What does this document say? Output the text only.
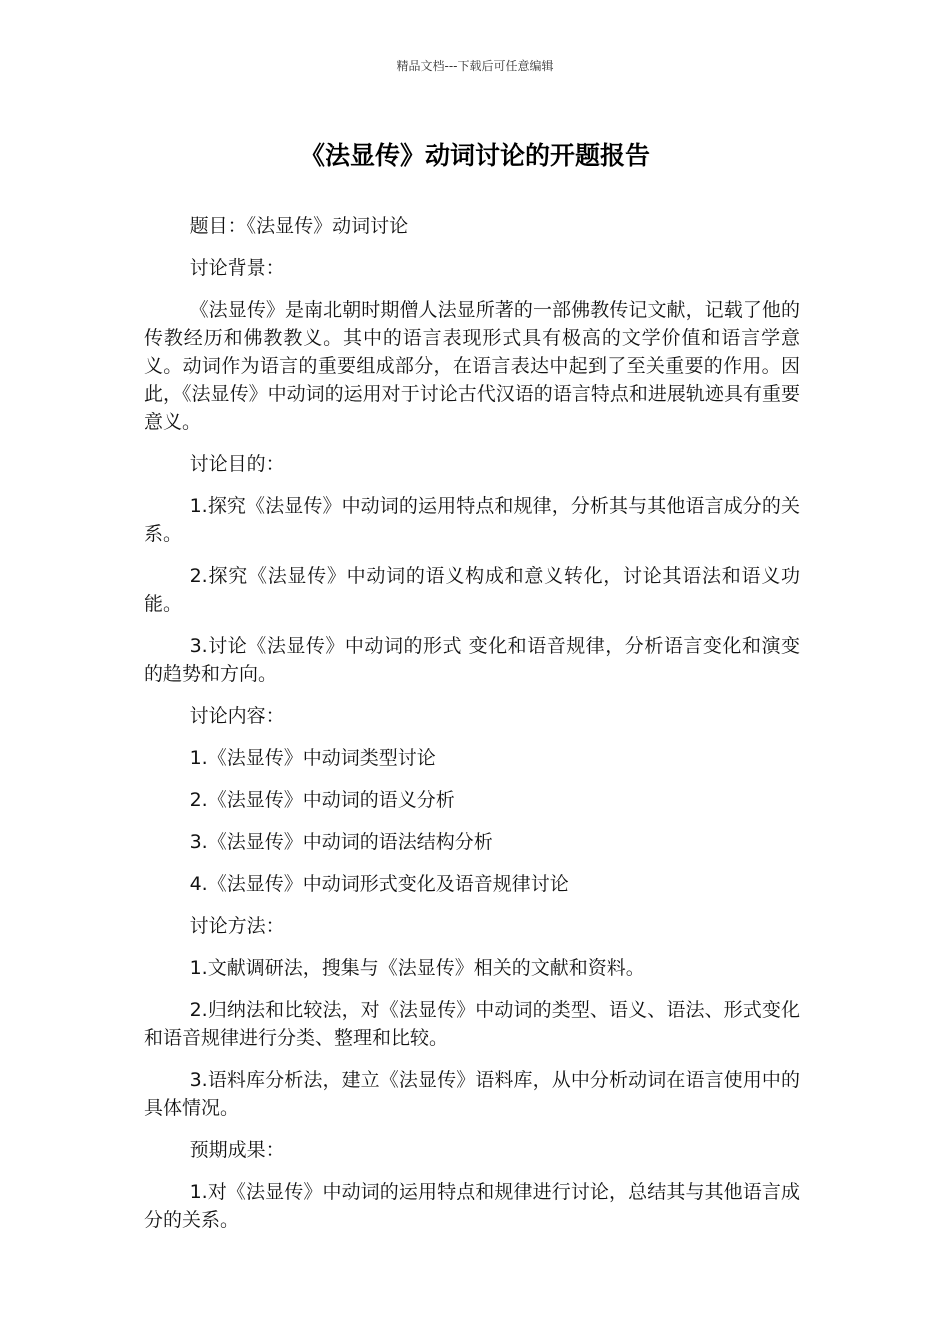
精品文档---下载后可任意编辑
《法显传》动词讨论的开题报告

题目：《法显传》动词讨论

讨论背景：

《法显传》是南北朝时期僧人法显所著的一部佛教传记文献，记载了他的传教经历和佛教教义。其中的语言表现形式具有极高的文学价值和语言学意义。动词作为语言的重要组成部分，在语言表达中起到了至关重要的作用。因此，《法显传》中动词的运用对于讨论古代汉语的语言特点和进展轨迹具有重要意义。

讨论目的：

1.探究《法显传》中动词的运用特点和规律，分析其与其他语言成分的关系。

2.探究《法显传》中动词的语义构成和意义转化，讨论其语法和语义功能。

3.讨论《法显传》中动词的形式 变化和语音规律，分析语言变化和演变的趋势和方向。

讨论内容：

1.《法显传》中动词类型讨论

2.《法显传》中动词的语义分析

3.《法显传》中动词的语法结构分析

4.《法显传》中动词形式变化及语音规律讨论

讨论方法：

1.文献调研法，搜集与《法显传》相关的文献和资料。

2.归纳法和比较法，对《法显传》中动词的类型、语义、语法、形式变化和语音规律进行分类、整理和比较。

3.语料库分析法，建立《法显传》语料库，从中分析动词在语言使用中的具体情况。

预期成果：

1.对《法显传》中动词的运用特点和规律进行讨论，总结其与其他语言成分的关系。
